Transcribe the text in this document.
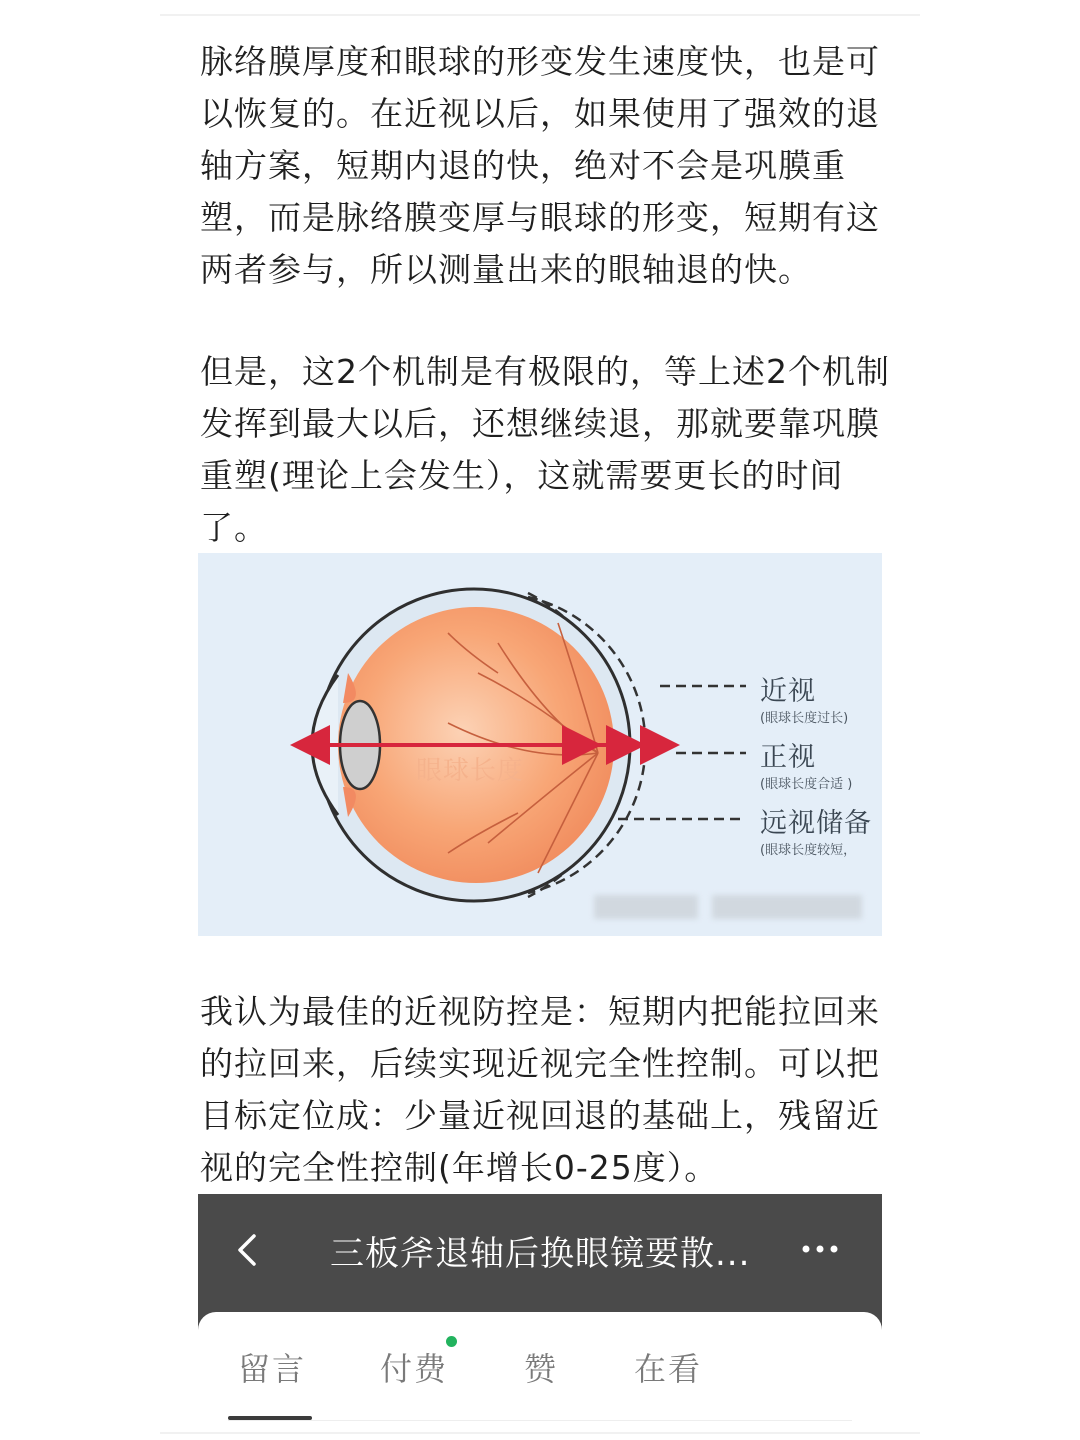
脉络膜厚度和眼球的形变发生速度快，也是可以恢复的。在近视以后，如果使用了强效的退轴方案，短期内退的快，绝对不会是巩膜重塑，而是脉络膜变厚与眼球的形变，短期有这两者参与，所以测量出来的眼轴退的快。

但是，这2个机制是有极限的，等上述2个机制发挥到最大以后，还想继续退，那就要靠巩膜重塑(理论上会发生），这就需要更长的时间了。

眼球长度
近视
(眼球长度过长)
正视
(眼球长度合适 )
远视储备
(眼球长度较短，

我认为最佳的近视防控是：短期内把能拉回来的拉回来，后续实现近视完全性控制。可以把目标定位成：少量近视回退的基础上，残留近视的完全性控制(年增长0-25度）。

三板斧退轴后换眼镜要散...
留言 付费 赞 在看
